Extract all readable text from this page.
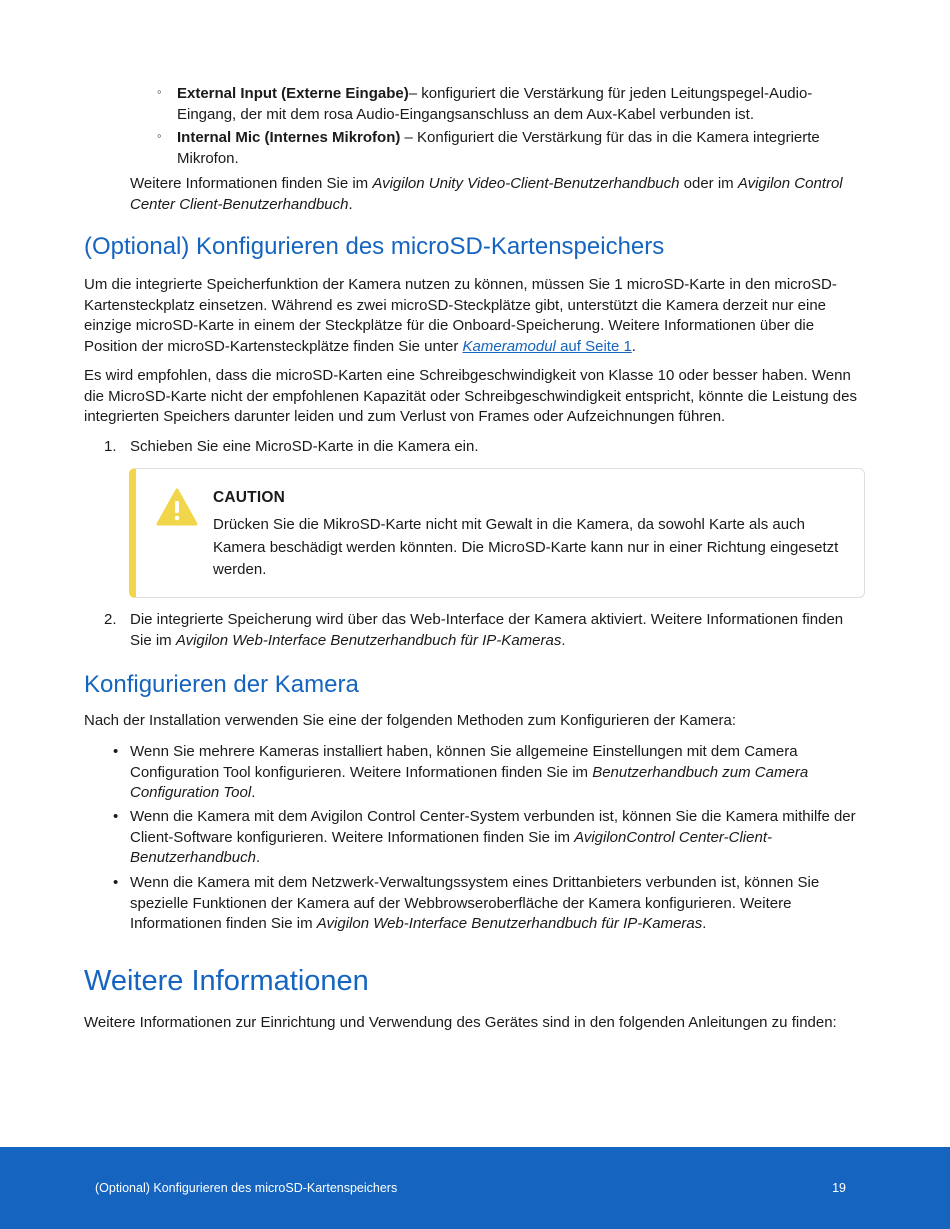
◦ External Input (Externe Eingabe)– konfiguriert die Verstärkung für jeden Leitungspegel-Audio-Eingang, der mit dem rosa Audio-Eingangsanschluss an dem Aux-Kabel verbunden ist.
◦ Internal Mic (Internes Mikrofon) – Konfiguriert die Verstärkung für das in die Kamera integrierte Mikrofon.

Weitere Informationen finden Sie im Avigilon Unity Video-Client-Benutzerhandbuch oder im Avigilon Control Center Client-Benutzerhandbuch.

(Optional) Konfigurieren des microSD-Kartenspeichers

Um die integrierte Speicherfunktion der Kamera nutzen zu können, müssen Sie 1 microSD-Karte in den microSD-Kartensteckplatz einsetzen. Während es zwei microSD-Steckplätze gibt, unterstützt die Kamera derzeit nur eine einzige microSD-Karte in einem der Steckplätze für die Onboard-Speicherung. Weitere Informationen über die Position der microSD-Kartensteckplätze finden Sie unter Kameramodul auf Seite 1.

Es wird empfohlen, dass die microSD-Karten eine Schreibgeschwindigkeit von Klasse 10 oder besser haben. Wenn die MicroSD-Karte nicht der empfohlenen Kapazität oder Schreibgeschwindigkeit entspricht, könnte die Leistung des integrierten Speichers darunter leiden und zum Verlust von Frames oder Aufzeichnungen führen.

1. Schieben Sie eine MicroSD-Karte in die Kamera ein.
CAUTION
Drücken Sie die MikroSD-Karte nicht mit Gewalt in die Kamera, da sowohl Karte als auch Kamera beschädigt werden könnten. Die MicroSD-Karte kann nur in einer Richtung eingesetzt werden.
2. Die integrierte Speicherung wird über das Web-Interface der Kamera aktiviert. Weitere Informationen finden Sie im Avigilon Web-Interface Benutzerhandbuch für IP-Kameras.

Konfigurieren der Kamera

Nach der Installation verwenden Sie eine der folgenden Methoden zum Konfigurieren der Kamera:

• Wenn Sie mehrere Kameras installiert haben, können Sie allgemeine Einstellungen mit dem Camera Configuration Tool konfigurieren. Weitere Informationen finden Sie im Benutzerhandbuch zum Camera Configuration Tool.
• Wenn die Kamera mit dem Avigilon Control Center-System verbunden ist, können Sie die Kamera mithilfe der Client-Software konfigurieren. Weitere Informationen finden Sie im AvigilonControl Center-Client-Benutzerhandbuch.
• Wenn die Kamera mit dem Netzwerk-Verwaltungssystem eines Drittanbieters verbunden ist, können Sie spezielle Funktionen der Kamera auf der Webbrowseroberfläche der Kamera konfigurieren. Weitere Informationen finden Sie im Avigilon Web-Interface Benutzerhandbuch für IP-Kameras.
Weitere Informationen

Weitere Informationen zur Einrichtung und Verwendung des Gerätes sind in den folgenden Anleitungen zu finden:

(Optional) Konfigurieren des microSD-Kartenspeichers	19
